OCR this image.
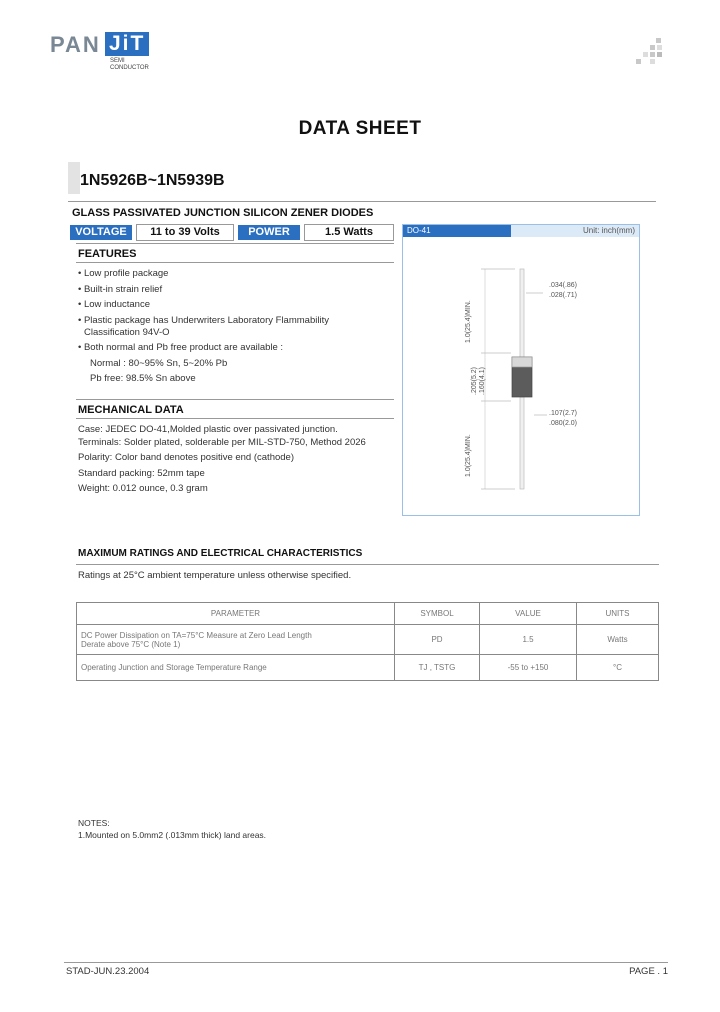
PAN JiT
SEMI
CONDUCTOR
DATA SHEET
1N5926B~1N5939B
GLASS PASSIVATED JUNCTION SILICON ZENER DIODES
VOLTAGE	11 to 39 Volts	POWER	1.5 Watts
FEATURES
• Low profile package
• Built-in strain relief
• Low inductance
• Plastic package has Underwriters Laboratory Flammability
Classification 94V-O
• Both normal and Pb free product are available :
Normal : 80~95% Sn, 5~20% Pb
Pb free: 98.5% Sn above
MECHANICAL DATA
Case: JEDEC DO-41,Molded plastic over passivated junction.
Terminals: Solder plated, solderable per MIL-STD-750, Method 2026
Polarity: Color band denotes positive end (cathode)
Standard packing: 52mm tape
Weight: 0.012 ounce, 0.3 gram
DO-41	Unit: inch(mm)
.034(.86)
.028(.71)
.107(2.7)
.080(2.0)
1.0(25.4)MIN.
1.0(25.4)MIN.
.205(5.2) .160(4.1)
MAXIMUM RATINGS AND ELECTRICAL CHARACTERISTICS
Ratings at 25°C ambient temperature unless otherwise specified.
PARAMETER	SYMBOL	VALUE	UNITS

DC Power Dissipation on TA=75°C Measure at Zero Lead Length
Derate above 75°C (Note 1)	PD	1.5	Watts

Operating Junction and Storage Temperature Range	TJ , TSTG	-55 to +150	°C
NOTES:
1.Mounted on 5.0mm2 (.013mm thick) land areas.
STAD-JUN.23.2004	PAGE . 1
